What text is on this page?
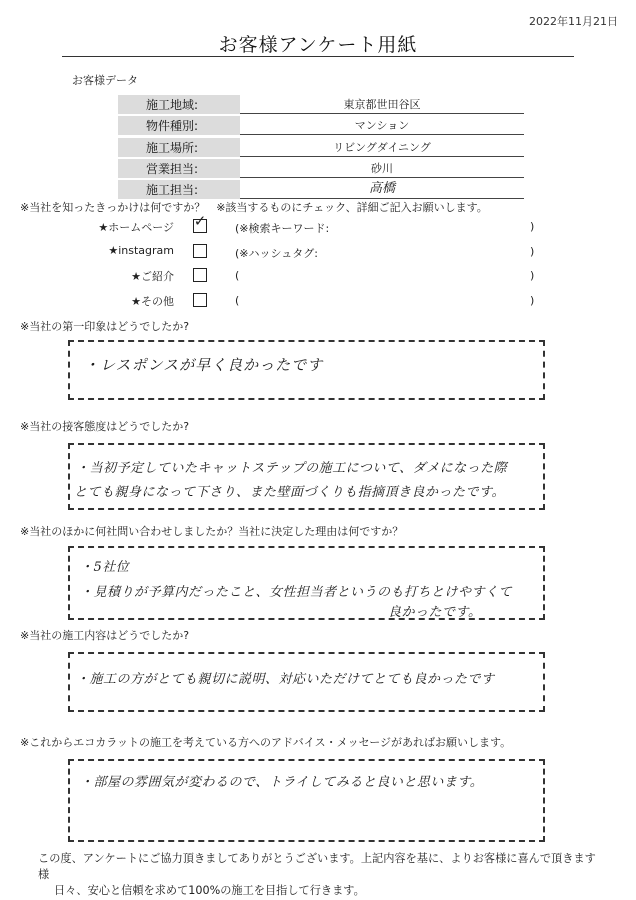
2022年11月21日
お客様アンケート用紙
お客様データ
施工地域:	東京都世田谷区
物件種別:	マンション
施工場所:	リビングダイニング
営業担当:	砂川
施工担当:	高橋
※当社を知ったきっかけは何ですか？　※該当するものにチェック、詳細ご記入お願いします。
★ホームページ ✓	(※検索キーワード:	)
★instagram	(※ハッシュタグ:	)
★ご紹介	(	)
★その他	(	)
※当社の第一印象はどうでしたか?
・レスポンスが早く良かったです
※当社の接客態度はどうでしたか?
・当初予定していたキャットステップの施工について、ダメになった際
とても親身になって下さり、また壁面づくりも指摘頂き良かったです。
※当社のほかに何社問い合わせしましたか？当社に決定した理由は何ですか？
・5社位
・見積りが予算内だったこと、女性担当者というのも打ちとけやすくて
良かったです。
※当社の施工内容はどうでしたか?
・施工の方がとても親切に説明、対応いただけてとても良かったです
※これからエコカラットの施工を考えている方へのアドバイス・メッセージがあればお願いします。
・部屋の雰囲気が変わるので、トライしてみると良いと思います。
この度、アンケートにご協力頂きましてありがとうございます。上記内容を基に、よりお客様に喜んで頂きます様
日々、安心と信頼を求めて100%の施工を目指して行きます。
